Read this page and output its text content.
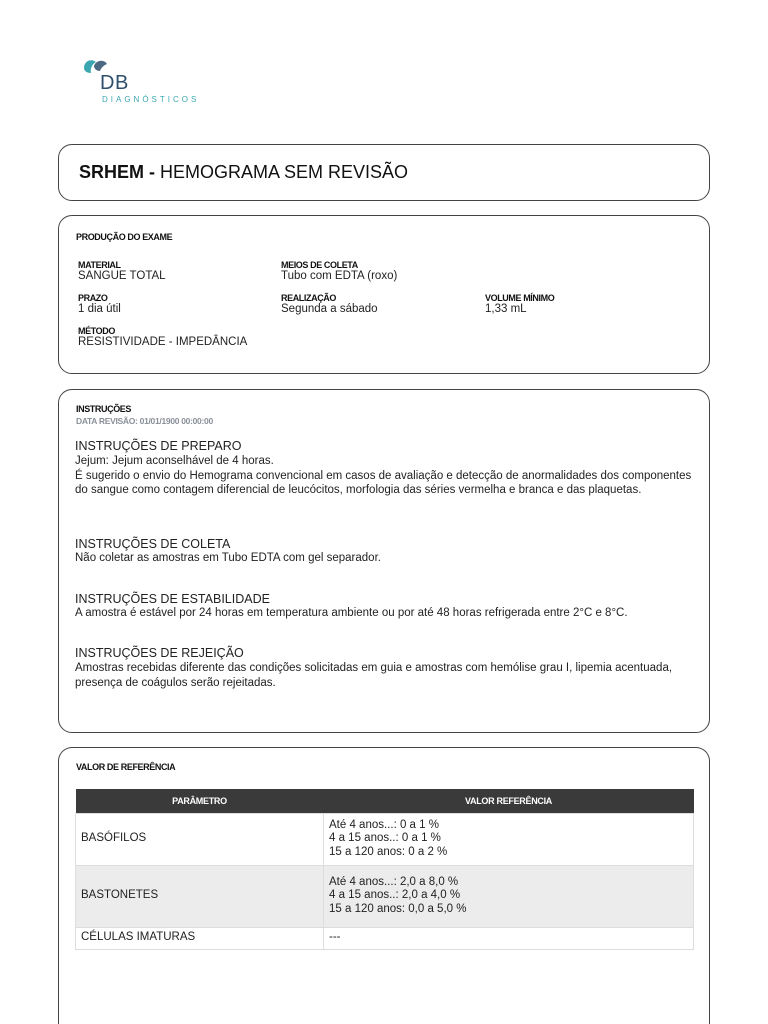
DB
DIAGNÓSTICOS
SRHEM - HEMOGRAMA SEM REVISÃO
PRODUÇÃO DO EXAME
MATERIAL
SANGUE TOTAL
MEIOS DE COLETA
Tubo com EDTA (roxo)
PRAZO
1 dia útil
REALIZAÇÃO
Segunda a sábado
VOLUME MÍNIMO
1,33 mL
MÉTODO
RESISTIVIDADE - IMPEDÂNCIA
INSTRUÇÕES
DATA REVISÃO: 01/01/1900 00:00:00
INSTRUÇÕES DE PREPARO
Jejum: Jejum aconselhável de 4 horas.
É sugerido o envio do Hemograma convencional em casos de avaliação e detecção de anormalidades dos componentes do sangue como contagem diferencial de leucócitos, morfologia das séries vermelha e branca e das plaquetas.
INSTRUÇÕES DE COLETA
Não coletar as amostras em Tubo EDTA com gel separador.
INSTRUÇÕES DE ESTABILIDADE
A amostra é estável por 24 horas em temperatura ambiente ou por até 48 horas refrigerada entre 2°C e 8°C.
INSTRUÇÕES DE REJEIÇÃO
Amostras recebidas diferente das condições solicitadas em guia e amostras com hemólise grau I, lipemia acentuada, presença de coágulos serão rejeitadas.
VALOR DE REFERÊNCIA
PARÂMETRO	VALOR REFERÊNCIA
BASÓFILOS	Até 4 anos...: 0 a 1 %
4 a 15 anos..: 0 a 1 %
15 a 120 anos: 0 a 2 %
BASTONETES	Até 4 anos...: 2,0 a 8,0 %
4 a 15 anos..: 2,0 a 4,0 %
15 a 120 anos: 0,0 a 5,0 %
CÉLULAS IMATURAS	---
